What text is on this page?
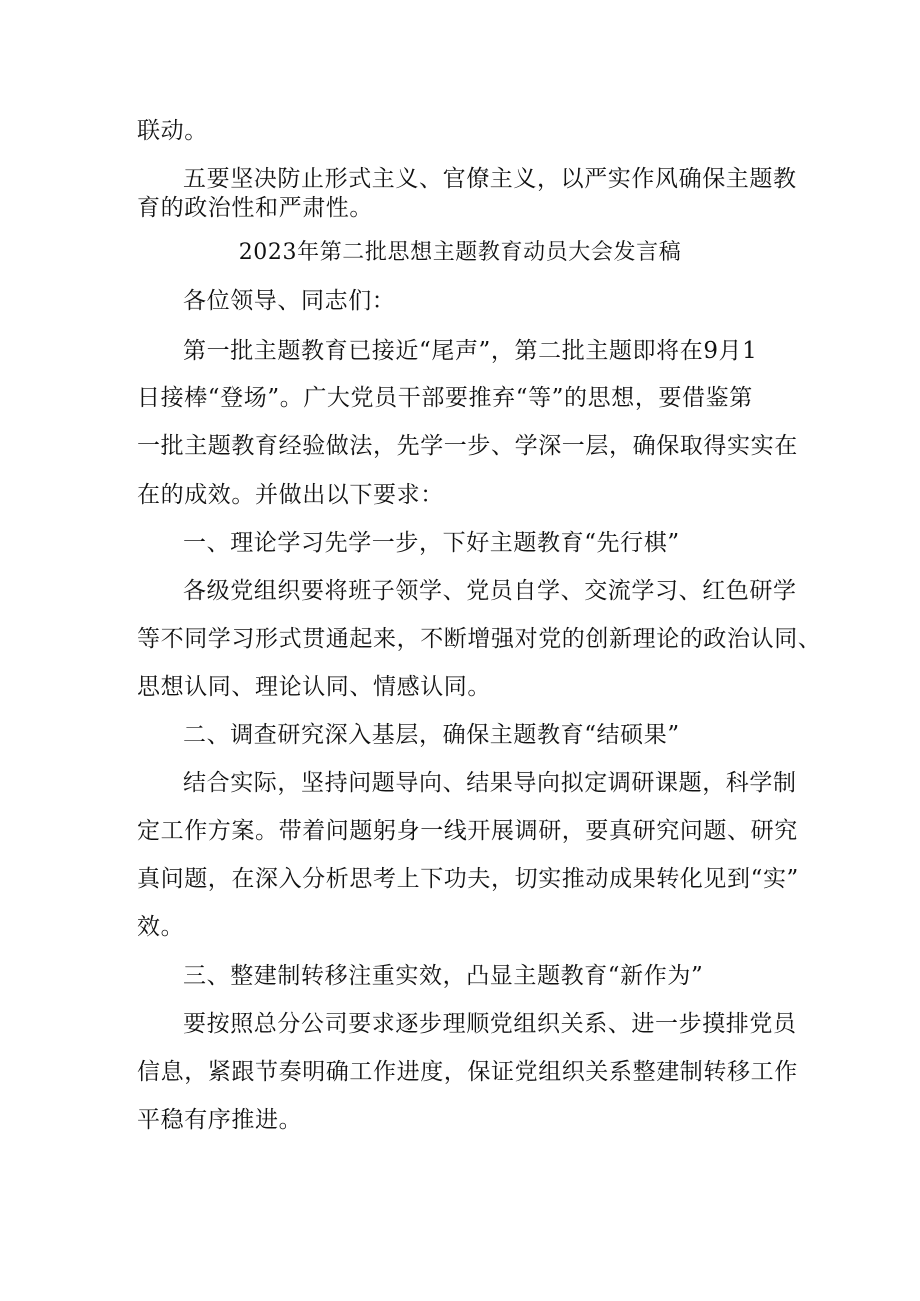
联动。
五要坚决防止形式主义、官僚主义，以严实作风确保主题教
育的政治性和严肃性。
2023年第二批思想主题教育动员大会发言稿
各位领导、同志们：
第一批主题教育已接近“尾声”，第二批主题即将在9月1
日接棒“登场”。广大党员干部要推弃“等”的思想，要借鉴第
一批主题教育经验做法，先学一步、学深一层，确保取得实实在
在的成效。并做出以下要求：
一、理论学习先学一步，下好主题教育“先行棋”
各级党组织要将班子领学、党员自学、交流学习、红色研学
等不同学习形式贯通起来，不断增强对党的创新理论的政治认同、
思想认同、理论认同、情感认同。
二、调查研究深入基层，确保主题教育“结硕果”
结合实际，坚持问题导向、结果导向拟定调研课题，科学制
定工作方案。带着问题躬身一线开展调研，要真研究问题、研究
真问题，在深入分析思考上下功夫，切实推动成果转化见到“实”
效。
三、整建制转移注重实效，凸显主题教育“新作为”
要按照总分公司要求逐步理顺党组织关系、进一步摸排党员
信息，紧跟节奏明确工作进度，保证党组织关系整建制转移工作
平稳有序推进。
